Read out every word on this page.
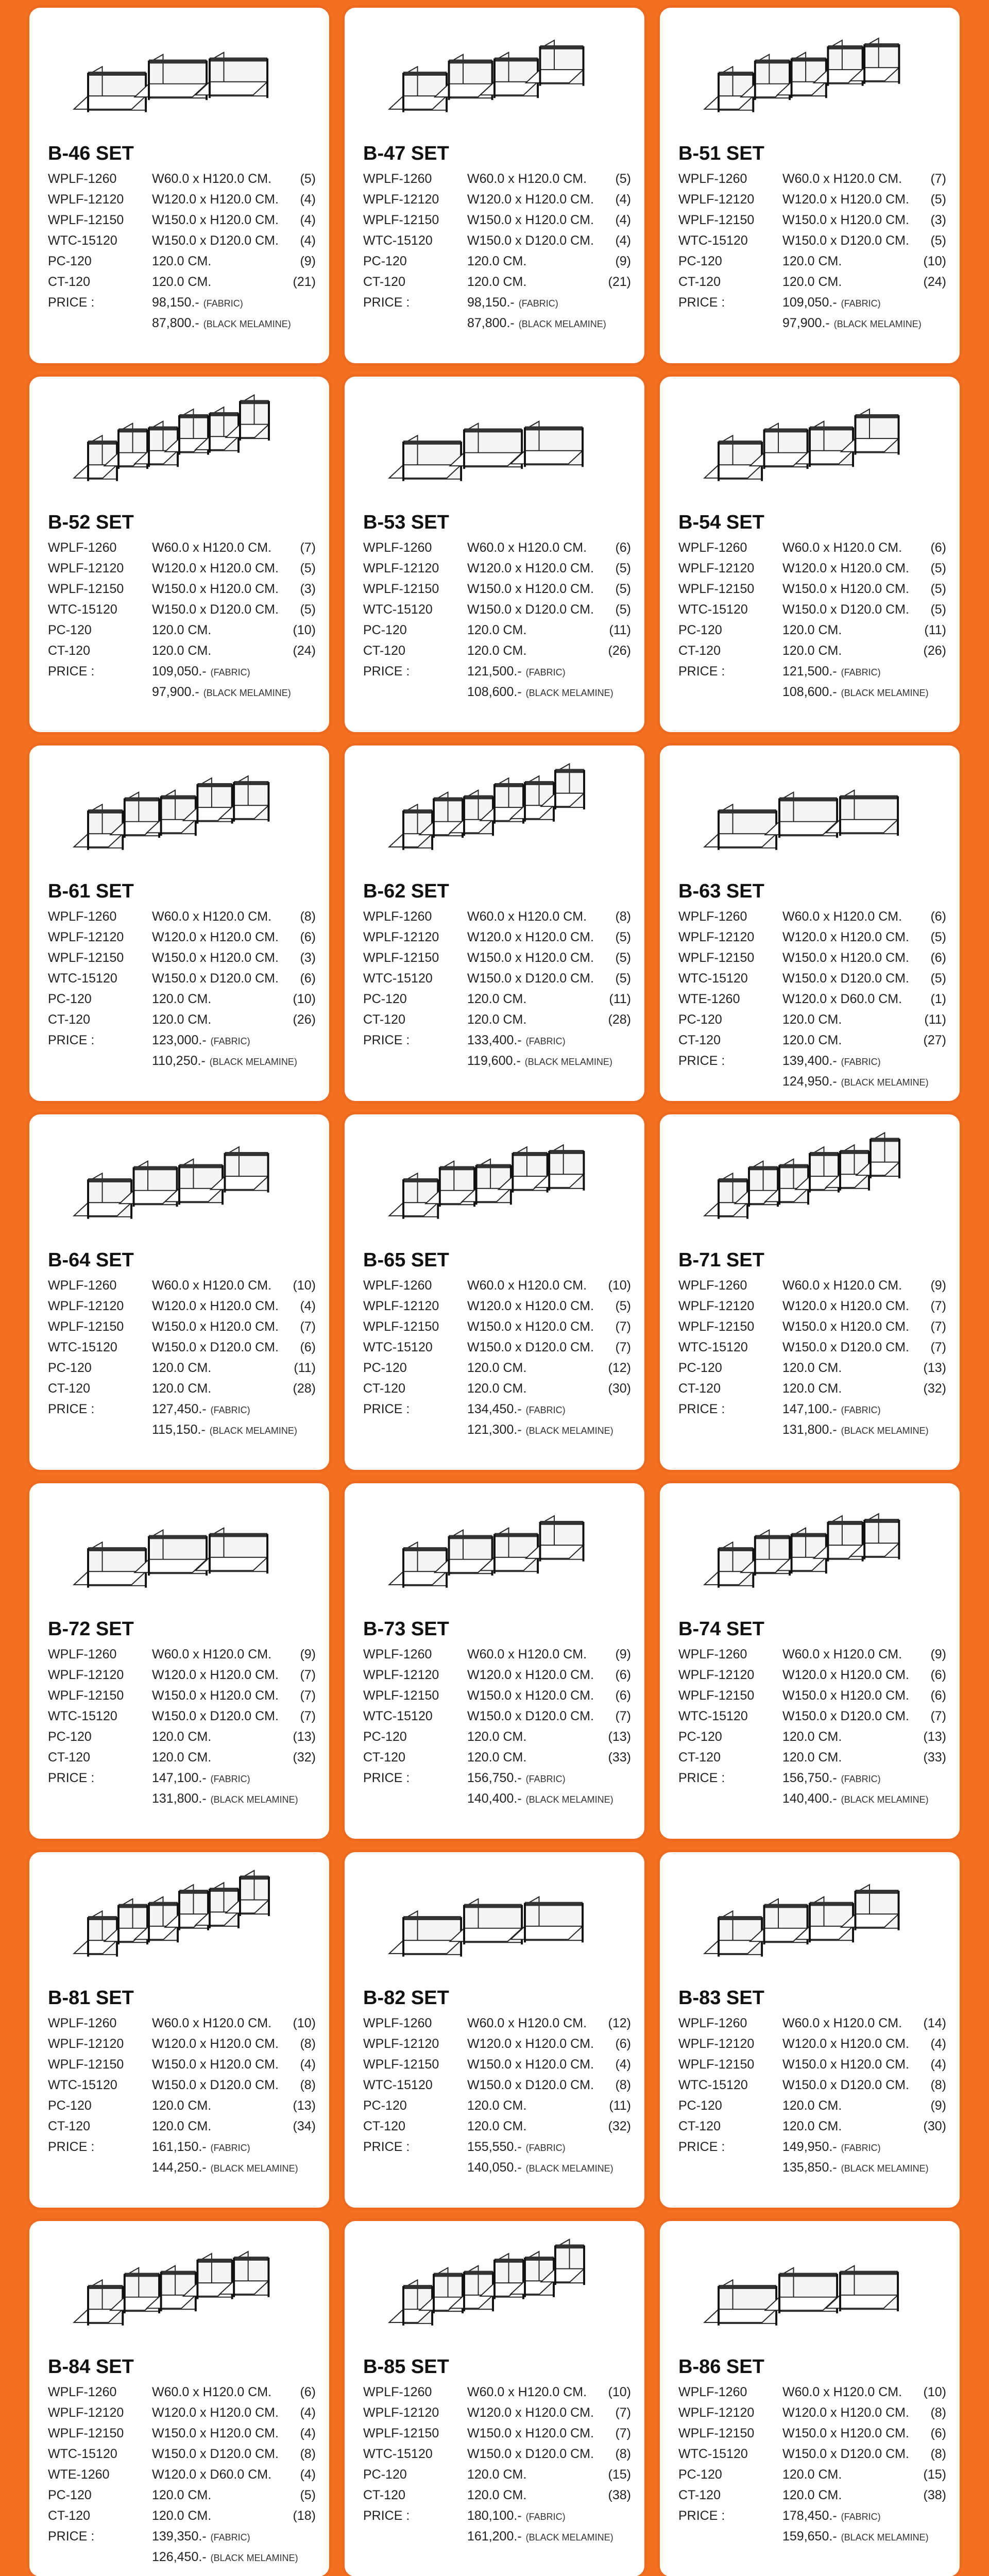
B-46 SET
WPLF-1260	W60.0 x H120.0 CM.	(5)
WPLF-12120	W120.0 x H120.0 CM.	(4)
WPLF-12150	W150.0 x H120.0 CM.	(4)
WTC-15120	W150.0 x D120.0 CM.	(4)
PC-120	120.0 CM.	(9)
CT-120	120.0 CM.	(21)
PRICE :	98,150.- (FABRIC)
87,800.- (BLACK MELAMINE)
B-47 SET
WPLF-1260	W60.0 x H120.0 CM.	(5)
WPLF-12120	W120.0 x H120.0 CM.	(4)
WPLF-12150	W150.0 x H120.0 CM.	(4)
WTC-15120	W150.0 x D120.0 CM.	(4)
PC-120	120.0 CM.	(9)
CT-120	120.0 CM.	(21)
PRICE :	98,150.- (FABRIC)
87,800.- (BLACK MELAMINE)
B-51 SET
WPLF-1260	W60.0 x H120.0 CM.	(7)
WPLF-12120	W120.0 x H120.0 CM.	(5)
WPLF-12150	W150.0 x H120.0 CM.	(3)
WTC-15120	W150.0 x D120.0 CM.	(5)
PC-120	120.0 CM.	(10)
CT-120	120.0 CM.	(24)
PRICE :	109,050.- (FABRIC)
97,900.- (BLACK MELAMINE)
B-52 SET
WPLF-1260	W60.0 x H120.0 CM.	(7)
WPLF-12120	W120.0 x H120.0 CM.	(5)
WPLF-12150	W150.0 x H120.0 CM.	(3)
WTC-15120	W150.0 x D120.0 CM.	(5)
PC-120	120.0 CM.	(10)
CT-120	120.0 CM.	(24)
PRICE :	109,050.- (FABRIC)
97,900.- (BLACK MELAMINE)
B-53 SET
WPLF-1260	W60.0 x H120.0 CM.	(6)
WPLF-12120	W120.0 x H120.0 CM.	(5)
WPLF-12150	W150.0 x H120.0 CM.	(5)
WTC-15120	W150.0 x D120.0 CM.	(5)
PC-120	120.0 CM.	(11)
CT-120	120.0 CM.	(26)
PRICE :	121,500.- (FABRIC)
108,600.- (BLACK MELAMINE)
B-54 SET
WPLF-1260	W60.0 x H120.0 CM.	(6)
WPLF-12120	W120.0 x H120.0 CM.	(5)
WPLF-12150	W150.0 x H120.0 CM.	(5)
WTC-15120	W150.0 x D120.0 CM.	(5)
PC-120	120.0 CM.	(11)
CT-120	120.0 CM.	(26)
PRICE :	121,500.- (FABRIC)
108,600.- (BLACK MELAMINE)
B-61 SET
WPLF-1260	W60.0 x H120.0 CM.	(8)
WPLF-12120	W120.0 x H120.0 CM.	(6)
WPLF-12150	W150.0 x H120.0 CM.	(3)
WTC-15120	W150.0 x D120.0 CM.	(6)
PC-120	120.0 CM.	(10)
CT-120	120.0 CM.	(26)
PRICE :	123,000.- (FABRIC)
110,250.- (BLACK MELAMINE)
B-62 SET
WPLF-1260	W60.0 x H120.0 CM.	(8)
WPLF-12120	W120.0 x H120.0 CM.	(5)
WPLF-12150	W150.0 x H120.0 CM.	(5)
WTC-15120	W150.0 x D120.0 CM.	(5)
PC-120	120.0 CM.	(11)
CT-120	120.0 CM.	(28)
PRICE :	133,400.- (FABRIC)
119,600.- (BLACK MELAMINE)
B-63 SET
WPLF-1260	W60.0 x H120.0 CM.	(6)
WPLF-12120	W120.0 x H120.0 CM.	(5)
WPLF-12150	W150.0 x H120.0 CM.	(6)
WTC-15120	W150.0 x D120.0 CM.	(5)
WTE-1260	W120.0 x D60.0 CM.	(1)
PC-120	120.0 CM.	(11)
CT-120	120.0 CM.	(27)
PRICE :	139,400.- (FABRIC)
124,950.- (BLACK MELAMINE)
B-64 SET
WPLF-1260	W60.0 x H120.0 CM.	(10)
WPLF-12120	W120.0 x H120.0 CM.	(4)
WPLF-12150	W150.0 x H120.0 CM.	(7)
WTC-15120	W150.0 x D120.0 CM.	(6)
PC-120	120.0 CM.	(11)
CT-120	120.0 CM.	(28)
PRICE :	127,450.- (FABRIC)
115,150.- (BLACK MELAMINE)
B-65 SET
WPLF-1260	W60.0 x H120.0 CM.	(10)
WPLF-12120	W120.0 x H120.0 CM.	(5)
WPLF-12150	W150.0 x H120.0 CM.	(7)
WTC-15120	W150.0 x D120.0 CM.	(7)
PC-120	120.0 CM.	(12)
CT-120	120.0 CM.	(30)
PRICE :	134,450.- (FABRIC)
121,300.- (BLACK MELAMINE)
B-71 SET
WPLF-1260	W60.0 x H120.0 CM.	(9)
WPLF-12120	W120.0 x H120.0 CM.	(7)
WPLF-12150	W150.0 x H120.0 CM.	(7)
WTC-15120	W150.0 x D120.0 CM.	(7)
PC-120	120.0 CM.	(13)
CT-120	120.0 CM.	(32)
PRICE :	147,100.- (FABRIC)
131,800.- (BLACK MELAMINE)
B-72 SET
WPLF-1260	W60.0 x H120.0 CM.	(9)
WPLF-12120	W120.0 x H120.0 CM.	(7)
WPLF-12150	W150.0 x H120.0 CM.	(7)
WTC-15120	W150.0 x D120.0 CM.	(7)
PC-120	120.0 CM.	(13)
CT-120	120.0 CM.	(32)
PRICE :	147,100.- (FABRIC)
131,800.- (BLACK MELAMINE)
B-73 SET
WPLF-1260	W60.0 x H120.0 CM.	(9)
WPLF-12120	W120.0 x H120.0 CM.	(6)
WPLF-12150	W150.0 x H120.0 CM.	(6)
WTC-15120	W150.0 x D120.0 CM.	(7)
PC-120	120.0 CM.	(13)
CT-120	120.0 CM.	(33)
PRICE :	156,750.- (FABRIC)
140,400.- (BLACK MELAMINE)
B-74 SET
WPLF-1260	W60.0 x H120.0 CM.	(9)
WPLF-12120	W120.0 x H120.0 CM.	(6)
WPLF-12150	W150.0 x H120.0 CM.	(6)
WTC-15120	W150.0 x D120.0 CM.	(7)
PC-120	120.0 CM.	(13)
CT-120	120.0 CM.	(33)
PRICE :	156,750.- (FABRIC)
140,400.- (BLACK MELAMINE)
B-81 SET
WPLF-1260	W60.0 x H120.0 CM.	(10)
WPLF-12120	W120.0 x H120.0 CM.	(8)
WPLF-12150	W150.0 x H120.0 CM.	(4)
WTC-15120	W150.0 x D120.0 CM.	(8)
PC-120	120.0 CM.	(13)
CT-120	120.0 CM.	(34)
PRICE :	161,150.- (FABRIC)
144,250.- (BLACK MELAMINE)
B-82 SET
WPLF-1260	W60.0 x H120.0 CM.	(12)
WPLF-12120	W120.0 x H120.0 CM.	(6)
WPLF-12150	W150.0 x H120.0 CM.	(4)
WTC-15120	W150.0 x D120.0 CM.	(8)
PC-120	120.0 CM.	(11)
CT-120	120.0 CM.	(32)
PRICE :	155,550.- (FABRIC)
140,050.- (BLACK MELAMINE)
B-83 SET
WPLF-1260	W60.0 x H120.0 CM.	(14)
WPLF-12120	W120.0 x H120.0 CM.	(4)
WPLF-12150	W150.0 x H120.0 CM.	(4)
WTC-15120	W150.0 x D120.0 CM.	(8)
PC-120	120.0 CM.	(9)
CT-120	120.0 CM.	(30)
PRICE :	149,950.- (FABRIC)
135,850.- (BLACK MELAMINE)
B-84 SET
WPLF-1260	W60.0 x H120.0 CM.	(6)
WPLF-12120	W120.0 x H120.0 CM.	(4)
WPLF-12150	W150.0 x H120.0 CM.	(4)
WTC-15120	W150.0 x D120.0 CM.	(8)
WTE-1260	W120.0 x D60.0 CM.	(4)
PC-120	120.0 CM.	(5)
CT-120	120.0 CM.	(18)
PRICE :	139,350.- (FABRIC)
126,450.- (BLACK MELAMINE)
B-85 SET
WPLF-1260	W60.0 x H120.0 CM.	(10)
WPLF-12120	W120.0 x H120.0 CM.	(7)
WPLF-12150	W150.0 x H120.0 CM.	(7)
WTC-15120	W150.0 x D120.0 CM.	(8)
PC-120	120.0 CM.	(15)
CT-120	120.0 CM.	(38)
PRICE :	180,100.- (FABRIC)
161,200.- (BLACK MELAMINE)
B-86 SET
WPLF-1260	W60.0 x H120.0 CM.	(10)
WPLF-12120	W120.0 x H120.0 CM.	(8)
WPLF-12150	W150.0 x H120.0 CM.	(6)
WTC-15120	W150.0 x D120.0 CM.	(8)
PC-120	120.0 CM.	(15)
CT-120	120.0 CM.	(38)
PRICE :	178,450.- (FABRIC)
159,650.- (BLACK MELAMINE)
